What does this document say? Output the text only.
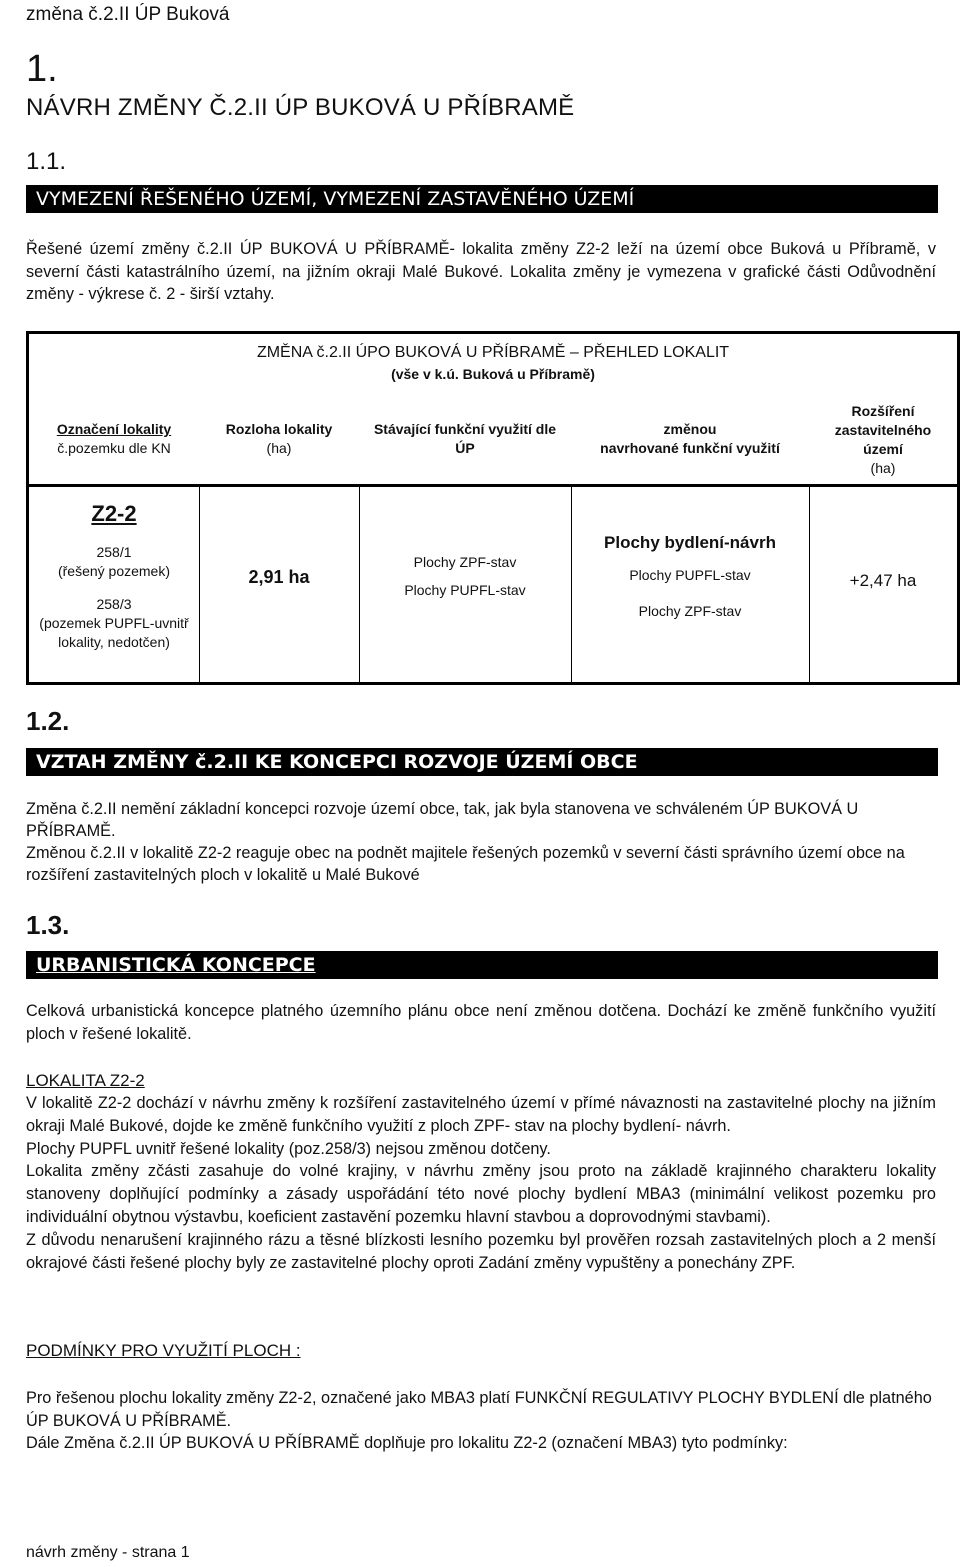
změna č.2.II ÚP Buková
1.
NÁVRH ZMĚNY Č.2.II ÚP BUKOVÁ U PŘÍBRAMĚ
1.1.
VYMEZENÍ ŘEŠENÉHO ÚZEMÍ, VYMEZENÍ ZASTAVĚNÉHO ÚZEMÍ
Řešené území změny č.2.II ÚP BUKOVÁ U PŘÍBRAMĚ- lokalita změny Z2-2 leží na území obce Buková u Příbramě, v severní části katastrálního území, na jižním okraji Malé Bukové. Lokalita změny je vymezena v grafické části Odůvodnění změny - výkrese č. 2 - širší vztahy.
ZMĚNA č.2.II ÚPO BUKOVÁ U PŘÍBRAMĚ – PŘEHLED LOKALIT
(vše v k.ú. Buková u Příbramě)
Označení lokality
č.pozemku dle KN
Rozloha lokality
(ha)
Stávající funkční využití dle
ÚP
změnou
navrhované funkční využití
Rozšíření
zastavitelného
území
(ha)
Z2-2
258/1
(řešený pozemek)
258/3
(pozemek PUPFL-uvnitř
lokality, nedotčen)
2,91 ha
Plochy ZPF-stav
Plochy PUPFL-stav
Plochy bydlení-návrh
Plochy PUPFL-stav
Plochy ZPF-stav
+2,47 ha
1.2.
VZTAH ZMĚNY č.2.II KE KONCEPCI ROZVOJE ÚZEMÍ OBCE
Změna č.2.II nemění základní koncepci rozvoje území obce, tak, jak byla stanovena ve schváleném ÚP BUKOVÁ U PŘÍBRAMĚ.
Změnou č.2.II v lokalitě Z2-2 reaguje obec na podnět majitele řešených pozemků v severní části správního území obce na rozšíření zastavitelných ploch v lokalitě u Malé Bukové
1.3.
URBANISTICKÁ KONCEPCE
Celková urbanistická koncepce platného územního plánu obce není změnou dotčena. Dochází ke změně funkčního využití ploch v řešené lokalitě.
LOKALITA Z2-2
V lokalitě Z2-2 dochází v návrhu změny k rozšíření zastavitelného území v přímé návaznosti na zastavitelné plochy na jižním okraji Malé Bukové, dojde ke změně funkčního využití z ploch ZPF- stav na plochy bydlení- návrh.
Plochy PUPFL uvnitř řešené lokality (poz.258/3) nejsou změnou dotčeny.
Lokalita změny zčásti zasahuje do volné krajiny, v návrhu změny jsou proto na základě krajinného charakteru lokality stanoveny doplňující podmínky a zásady uspořádání této nové plochy bydlení MBA3 (minimální velikost pozemku pro individuální obytnou výstavbu, koeficient zastavění pozemku hlavní stavbou a doprovodnými stavbami).
Z důvodu nenarušení krajinného rázu a těsné blízkosti lesního pozemku byl prověřen rozsah zastavitelných ploch a 2 menší okrajové části řešené plochy byly ze zastavitelné plochy oproti Zadání změny vypuštěny a ponechány ZPF.
PODMÍNKY PRO VYUŽITÍ PLOCH :
Pro řešenou plochu lokality změny Z2-2, označené jako MBA3 platí FUNKČNÍ REGULATIVY PLOCHY BYDLENÍ dle platného ÚP BUKOVÁ U PŘÍBRAMĚ.
Dále Změna č.2.II ÚP BUKOVÁ U PŘÍBRAMĚ doplňuje pro lokalitu Z2-2 (označení MBA3) tyto podmínky:
návrh změny - strana 1
